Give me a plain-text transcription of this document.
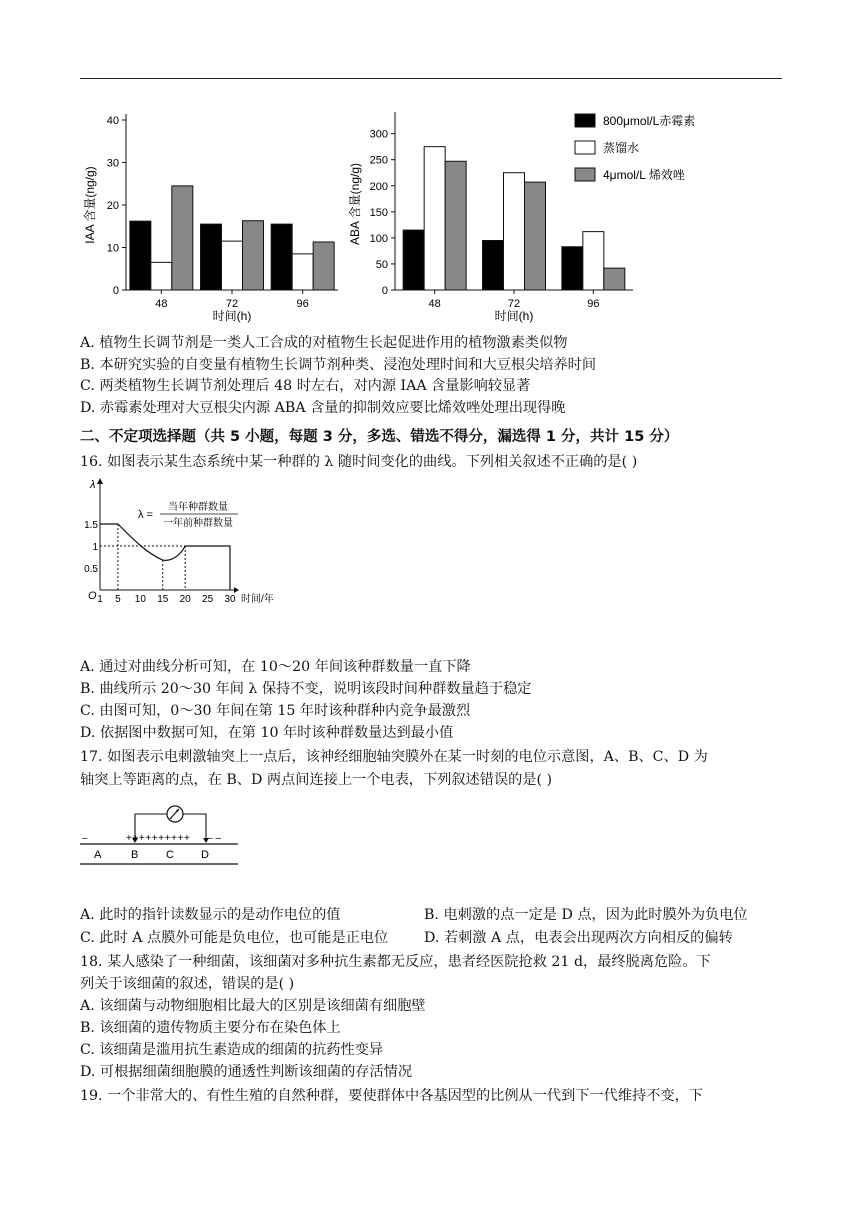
0
10
20
30
40
48	72	96
时间(h)
IAA 含量(ng/g)
0
50
100
150
200
250
300
48	72	96
时间(h)
ABA 含量(ng/g)
800μmol/L赤霉素
蒸馏水
4μmol/L 烯效唑
A. 植物生长调节剂是一类人工合成的对植物生长起促进作用的植物激素类似物
B. 本研究实验的自变量有植物生长调节剂种类、浸泡处理时间和大豆根尖培养时间
C. 两类植物生长调节剂处理后 48 时左右，对内源 IAA 含量影响较显著
D. 赤霉素处理对大豆根尖内源 ABA 含量的抑制效应要比烯效唑处理出现得晚
二、不定项选择题（共 5 小题，每题 3 分，多选、错选不得分，漏选得 1 分，共计 15 分）
16. 如图表示某生态系统中某一种群的 λ 随时间变化的曲线。下列相关叙述不正确的是( )
λ
O
1.5
1
0.5
1 5 10 15 20 25 30 时间/年
λ =
当年种群数量
一年前种群数量
A. 通过对曲线分析可知，在 10～20 年间该种群数量一直下降
B. 曲线所示 20～30 年间 λ 保持不变，说明该段时间种群数量趋于稳定
C. 由图可知，0～30 年间在第 15 年时该种群种内竞争最激烈
D. 依据图中数据可知，在第 10 年时该种群数量达到最小值
17. 如图表示电刺激轴突上一点后，该神经细胞轴突膜外在某一时刻的电位示意图，A、B、C、D 为
轴突上等距离的点，在 B、D 两点间连接上一个电表，下列叙述错误的是( )
–	++++++++++ – –
A	B	C D
A. 此时的指针读数显示的是动作电位的值	B. 电刺激的点一定是 D 点，因为此时膜外为负电位
C. 此时 A 点膜外可能是负电位，也可能是正电位	D. 若刺激 A 点，电表会出现两次方向相反的偏转
18. 某人感染了一种细菌，该细菌对多种抗生素都无反应，患者经医院抢救 21 d，最终脱离危险。下
列关于该细菌的叙述，错误的是( )
A. 该细菌与动物细胞相比最大的区别是该细菌有细胞壁
B. 该细菌的遗传物质主要分布在染色体上
C. 该细菌是滥用抗生素造成的细菌的抗药性变异
D. 可根据细菌细胞膜的通透性判断该细菌的存活情况
19. 一个非常大的、有性生殖的自然种群，要使群体中各基因型的比例从一代到下一代维持不变，下
